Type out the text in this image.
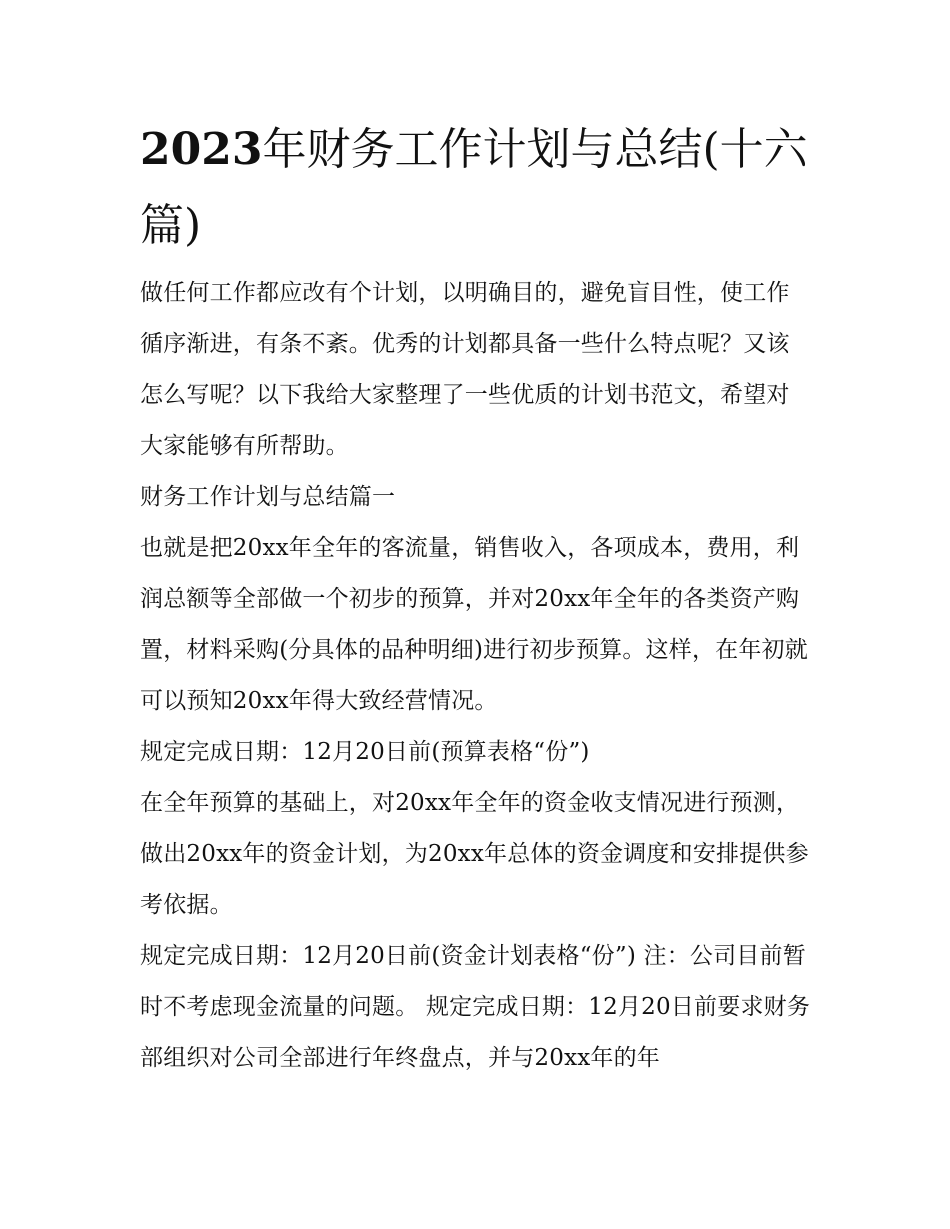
2023年财务工作计划与总结(十六篇)

做任何工作都应改有个计划，以明确目的，避免盲目性，使工作循序渐进，有条不紊。优秀的计划都具备一些什么特点呢？又该怎么写呢？以下我给大家整理了一些优质的计划书范文，希望对大家能够有所帮助。

财务工作计划与总结篇一

也就是把20xx年全年的客流量，销售收入，各项成本，费用，利润总额等全部做一个初步的预算，并对20xx年全年的各类资产购置，材料采购(分具体的品种明细)进行初步预算。这样，在年初就可以预知20xx年得大致经营情况。

规定完成日期：12月20日前(预算表格“份”)

在全年预算的基础上，对20xx年全年的资金收支情况进行预测，做出20xx年的资金计划，为20xx年总体的资金调度和安排提供参考依据。

规定完成日期：12月20日前(资金计划表格“份”) 注：公司目前暂时不考虑现金流量的问题。 规定完成日期：12月20日前要求财务部组织对公司全部进行年终盘点，并与20xx年的年
